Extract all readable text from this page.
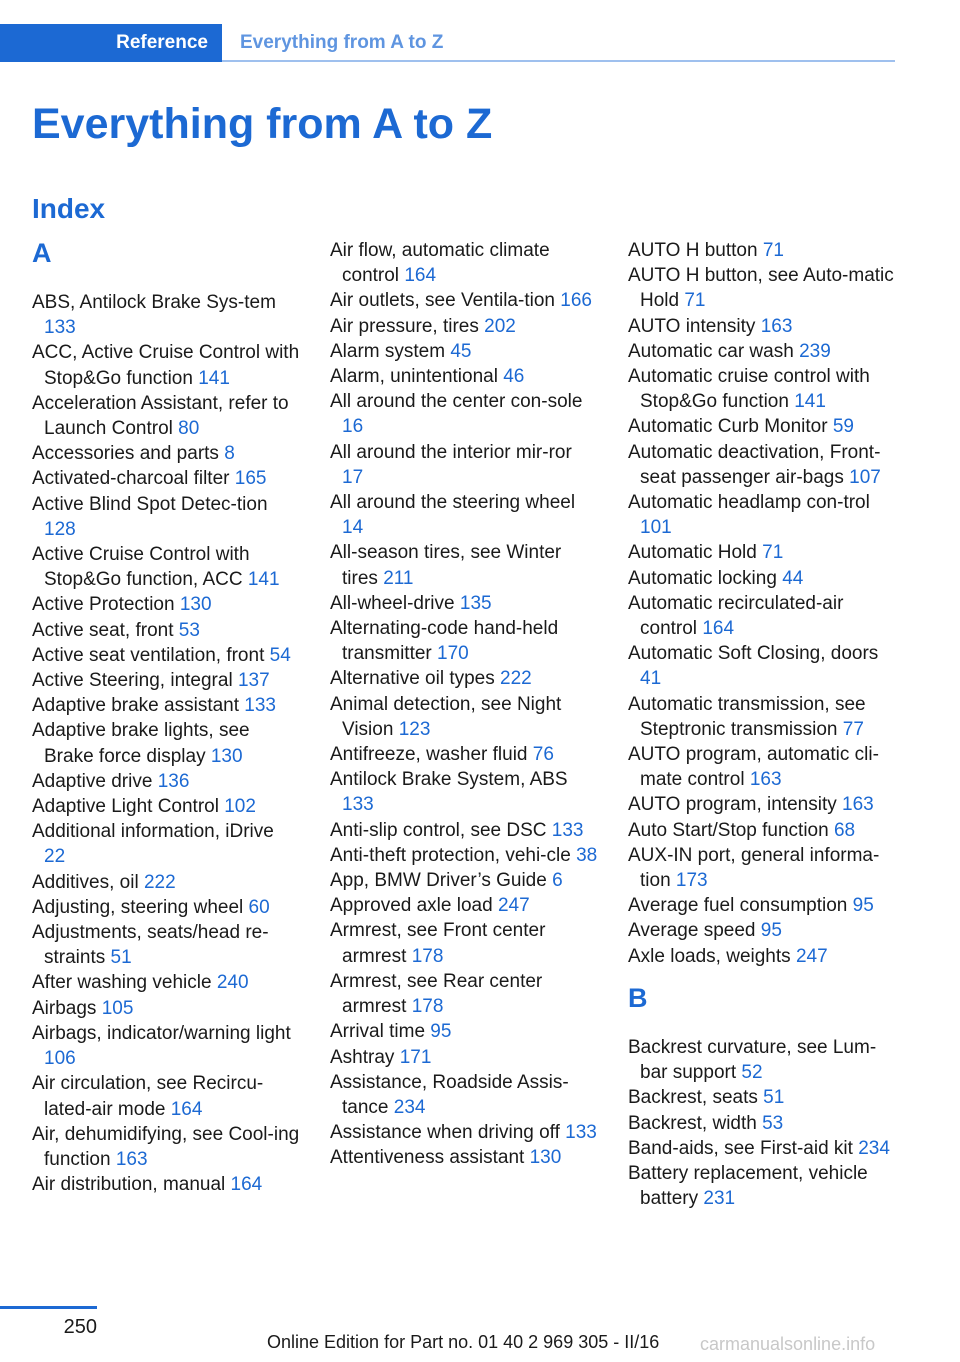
Reference	Everything from A to Z
Everything from A to Z
Index
A
ABS, Antilock Brake Sys-tem 133
ACC, Active Cruise Control with Stop&Go function 141
Acceleration Assistant, refer to Launch Control 80
Accessories and parts 8
Activated-charcoal filter 165
Active Blind Spot Detec-tion 128
Active Cruise Control with Stop&Go function, ACC 141
Active Protection 130
Active seat, front 53
Active seat ventilation, front 54
Active Steering, integral 137
Adaptive brake assistant 133
Adaptive brake lights, see Brake force display 130
Adaptive drive 136
Adaptive Light Control 102
Additional information, iDrive 22
Additives, oil 222
Adjusting, steering wheel 60
Adjustments, seats/head re-straints 51
After washing vehicle 240
Airbags 105
Airbags, indicator/warning light 106
Air circulation, see Recircu-lated-air mode 164
Air, dehumidifying, see Cool-ing function 163
Air distribution, manual 164
Air flow, automatic climate control 164
Air outlets, see Ventila-tion 166
Air pressure, tires 202
Alarm system 45
Alarm, unintentional 46
All around the center con-sole 16
All around the interior mir-ror 17
All around the steering wheel 14
All-season tires, see Winter tires 211
All-wheel-drive 135
Alternating-code hand-held transmitter 170
Alternative oil types 222
Animal detection, see Night Vision 123
Antifreeze, washer fluid 76
Antilock Brake System, ABS 133
Anti-slip control, see DSC 133
Anti-theft protection, vehi-cle 38
App, BMW Driver’s Guide 6
Approved axle load 247
Armrest, see Front center armrest 178
Armrest, see Rear center armrest 178
Arrival time 95
Ashtray 171
Assistance, Roadside Assis-tance 234
Assistance when driving off 133
Attentiveness assistant 130
AUTO H button 71
AUTO H button, see Auto-matic Hold 71
AUTO intensity 163
Automatic car wash 239
Automatic cruise control with Stop&Go function 141
Automatic Curb Monitor 59
Automatic deactivation, Front-seat passenger air-bags 107
Automatic headlamp con-trol 101
Automatic Hold 71
Automatic locking 44
Automatic recirculated-air control 164
Automatic Soft Closing, doors 41
Automatic transmission, see Steptronic transmission 77
AUTO program, automatic cli-mate control 163
AUTO program, intensity 163
Auto Start/Stop function 68
AUX-IN port, general informa-tion 173
Average fuel consumption 95
Average speed 95
Axle loads, weights 247
B
Backrest curvature, see Lum-bar support 52
Backrest, seats 51
Backrest, width 53
Band-aids, see First-aid kit 234
Battery replacement, vehicle battery 231
250
Online Edition for Part no. 01 40 2 969 305 - II/16 carmanualsonline.info
